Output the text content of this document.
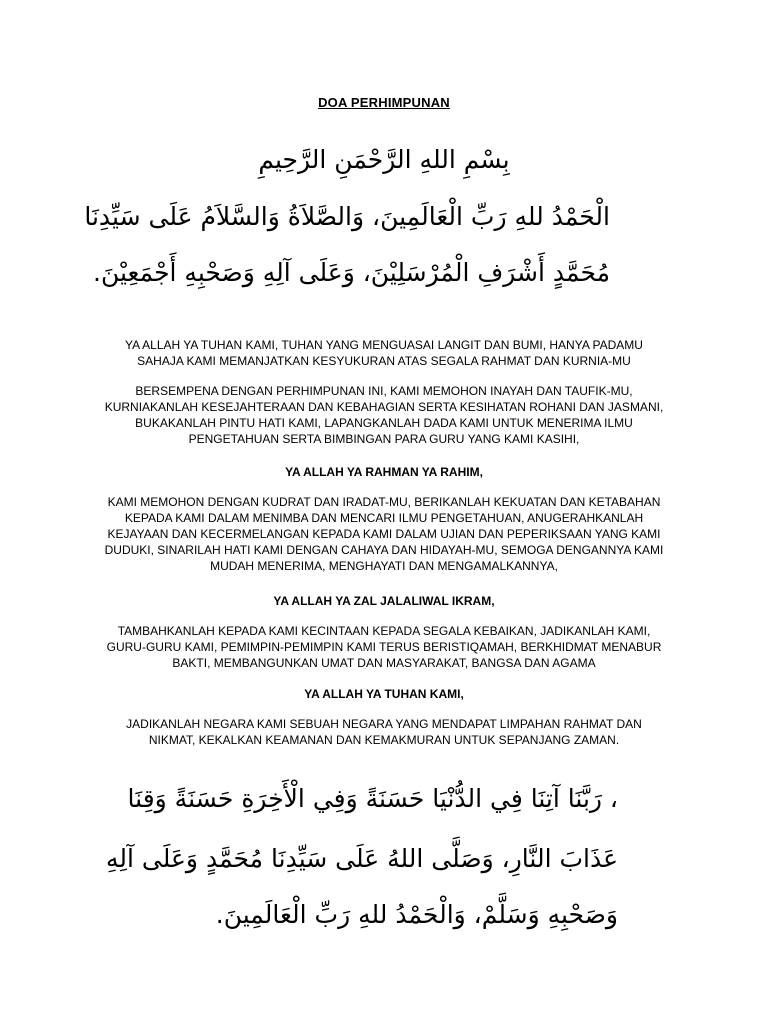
DOA PERHIMPUNAN
بِسْمِ اللهِ الرَّحْمَنِ الرَّحِيمِ
الْحَمْدُ للهِ رَبِّ الْعَالَمِينَ، وَالصَّلاَةُ وَالسَّلاَمُ عَلَى سَيِّدِنَا
مُحَمَّدٍ أَشْرَفِ الْمُرْسَلِيْنَ، وَعَلَى آلِهِ وَصَحْبِهِ أَجْمَعِيْنَ.
YA ALLAH YA TUHAN KAMI, TUHAN YANG MENGUASAI LANGIT DAN BUMI, HANYA PADAMU
SAHAJA KAMI MEMANJATKAN KESYUKURAN ATAS SEGALA RAHMAT DAN KURNIA-MU
BERSEMPENA DENGAN PERHIMPUNAN INI, KAMI MEMOHON INAYAH DAN TAUFIK-MU,
KURNIAKANLAH KESEJAHTERAAN DAN KEBAHAGIAN SERTA KESIHATAN ROHANI DAN JASMANI,
BUKAKANLAH PINTU HATI KAMI, LAPANGKANLAH DADA KAMI UNTUK MENERIMA ILMU
PENGETAHUAN SERTA BIMBINGAN PARA GURU YANG KAMI KASIHI,
YA ALLAH YA RAHMAN YA RAHIM,
KAMI MEMOHON DENGAN KUDRAT DAN IRADAT-MU, BERIKANLAH KEKUATAN DAN KETABAHAN
KEPADA KAMI DALAM MENIMBA DAN MENCARI ILMU PENGETAHUAN, ANUGERAHKANLAH
KEJAYAAN DAN KECERMELANGAN KEPADA KAMI DALAM UJIAN DAN PEPERIKSAAN YANG KAMI
DUDUKI, SINARILAH HATI KAMI DENGAN CAHAYA DAN HIDAYAH-MU, SEMOGA DENGANNYA KAMI
MUDAH MENERIMA, MENGHAYATI DAN MENGAMALKANNYA,
YA ALLAH YA ZAL JALALIWAL IKRAM,
TAMBAHKANLAH KEPADA KAMI KECINTAAN KEPADA SEGALA KEBAIKAN, JADIKANLAH KAMI,
GURU-GURU KAMI, PEMIMPIN-PEMIMPIN KAMI TERUS BERISTIQAMAH, BERKHIDMAT MENABUR
BAKTI, MEMBANGUNKAN UMAT DAN MASYARAKAT, BANGSA DAN AGAMA
YA ALLAH YA TUHAN KAMI,
JADIKANLAH NEGARA KAMI SEBUAH NEGARA YANG MENDAPAT LIMPAHAN RAHMAT DAN
NIKMAT, KEKALKAN KEAMANAN DAN KEMAKMURAN UNTUK SEPANJANG ZAMAN.
، رَبَّنَا آتِنَا فِي الدُّنْيَا حَسَنَةً وَفِي الْأَخِرَةِ حَسَنَةً وَقِنَا
عَذَابَ النَّارِ، وَصَلَّى اللهُ عَلَى سَيِّدِنَا مُحَمَّدٍ وَعَلَى آلِهِ
وَصَحْبِهِ وَسَلَّمْ، وَالْحَمْدُ للهِ رَبِّ الْعَالَمِينَ.
